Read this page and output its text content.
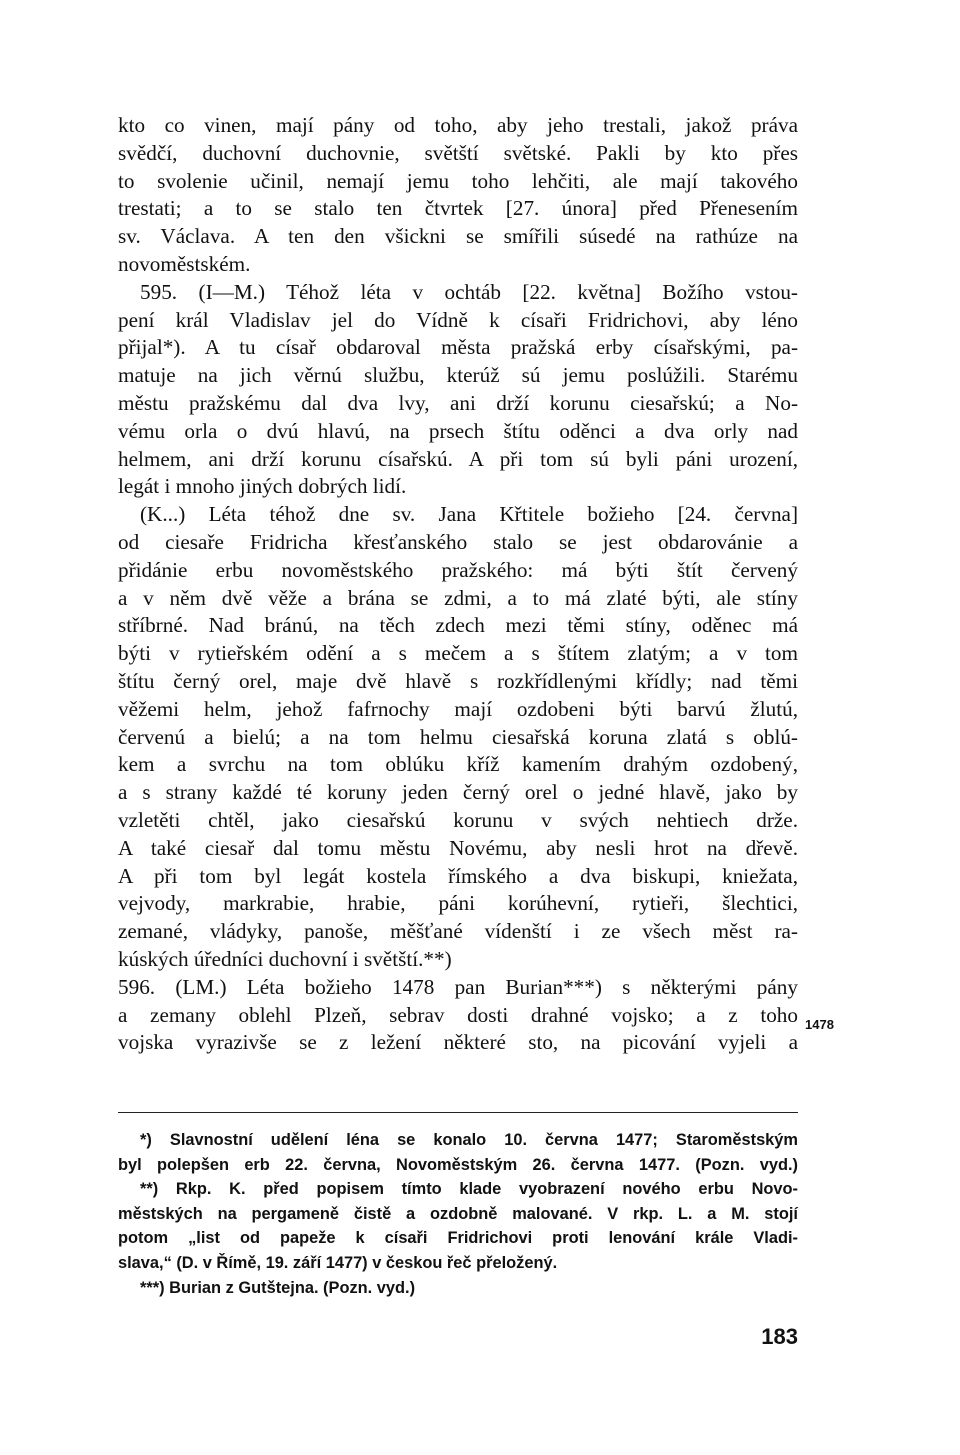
kto co vinen, mají pány od toho, aby jeho trestali, jakož práva
svědčí, duchovní duchovnie, světští světské. Pakli by kto přes
to svolenie učinil, nemají jemu toho lehčiti, ale mají takového
trestati; a to se stalo ten čtvrtek [27. února] před Přenesením
sv. Václava. A ten den všickni se smířili súsedé na rathúze na
novoměstském.
595. (I—M.) Téhož léta v ochtáb [22. května] Božího vstou-
pení král Vladislav jel do Vídně k císaři Fridrichovi, aby léno
přijal*). A tu císař obdaroval města pražská erby císařskými, pa-
matuje na jich věrnú službu, kterúž sú jemu poslúžili. Starému
městu pražskému dal dva lvy, ani drží korunu ciesařskú; a No-
vému orla o dvú hlavú, na prsech štítu oděnci a dva orly nad
helmem, ani drží korunu císařskú. A při tom sú byli páni urození,
legát i mnoho jiných dobrých lidí.
(K...) Léta téhož dne sv. Jana Křtitele božieho [24. června]
od ciesaře Fridricha křesťanského stalo se jest obdarovánie a
přidánie erbu novoměstského pražského: má býti štít červený
a v něm dvě věže a brána se zdmi, a to má zlaté býti, ale stíny
stříbrné. Nad bránú, na těch zdech mezi těmi stíny, oděnec má
býti v rytieřském odění a s mečem a s štítem zlatým; a v tom
štítu černý orel, maje dvě hlavě s rozkřídlenými křídly; nad těmi
věžemi helm, jehož fafrnochy mají ozdobeni býti barvú žlutú,
červenú a bielú; a na tom helmu ciesařská koruna zlatá s oblú-
kem a svrchu na tom oblúku kříž kamením drahým ozdobený,
a s strany každé té koruny jeden černý orel o jedné hlavě, jako by
vzletěti chtěl, jako ciesařskú korunu v svých nehtiech drže.
A také ciesař dal tomu městu Novému, aby nesli hrot na dřevě.
A při tom byl legát kostela římského a dva biskupi, kniežata,
vejvody, markrabie, hrabie, páni korúhevní, rytieři, šlechtici,
zemané, vládyky, panoše, měšťané vídenští i ze všech měst ra-
kúských úředníci duchovní i světští.**)
596. (LM.) Léta božieho 1478 pan Burian***) s některými pány
a zemany oblehl Plzeň, sebrav dosti drahné vojsko; a z toho
vojska vyrazivše se z ležení některé sto, na picování vyjeli a
1478
*) Slavnostní udělení léna se konalo 10. června 1477; Staroměstským
byl polepšen erb 22. června, Novoměstským 26. června 1477. (Pozn. vyd.)
**) Rkp. K. před popisem tímto klade vyobrazení nového erbu Novo-
městských na pergameně čistě a ozdobně malované. V rkp. L. a M. stojí
potom „list od papeže k císaři Fridrichovi proti lenování krále Vladi-
slava,“ (D. v Římě, 19. září 1477) v českou řeč přeložený.
***) Burian z Gutštejna. (Pozn. vyd.)
183
